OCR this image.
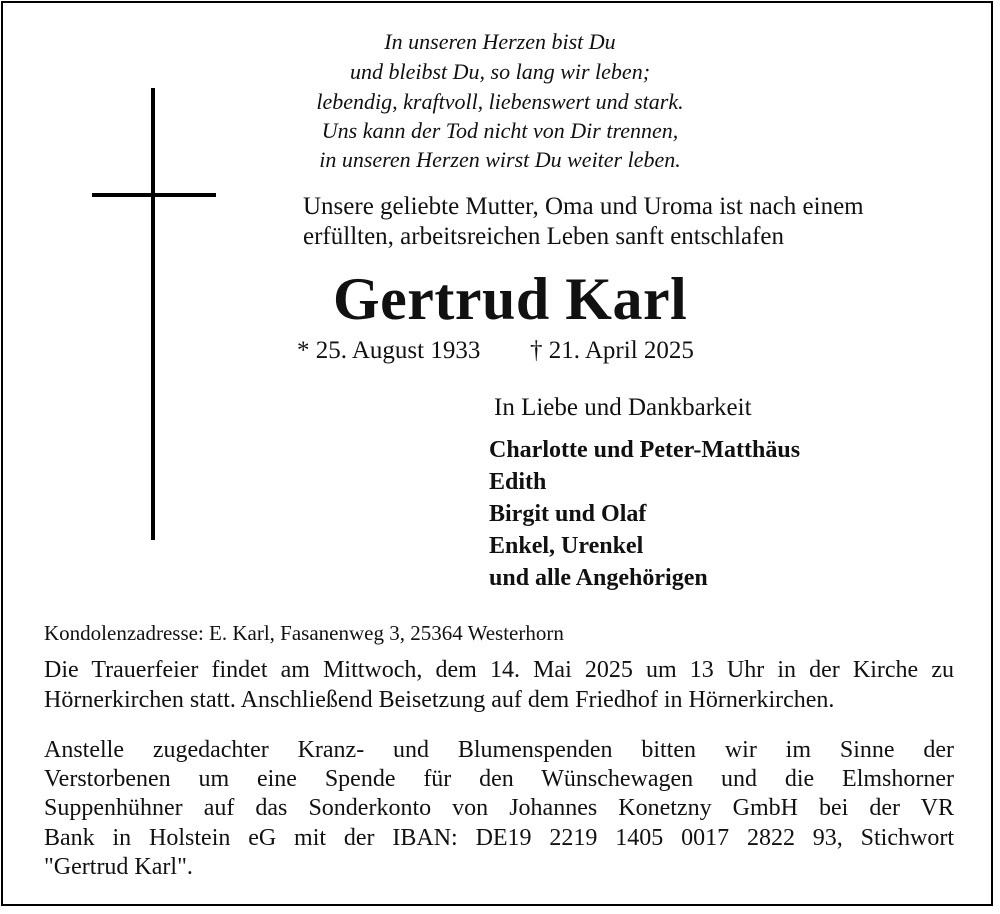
In unseren Herzen bist Du
und bleibst Du, so lang wir leben;
lebendig, kraftvoll, liebenswert und stark.
Uns kann der Tod nicht von Dir trennen,
in unseren Herzen wirst Du weiter leben.
Unsere geliebte Mutter, Oma und Uroma ist nach einem
erfüllten, arbeitsreichen Leben sanft entschlafen
Gertrud Karl
* 25. August 1933 † 21. April 2025
In Liebe und Dankbarkeit
Charlotte und Peter-Matthäus
Edith
Birgit und Olaf
Enkel, Urenkel
und alle Angehörigen
Kondolenzadresse: E. Karl, Fasanenweg 3, 25364 Westerhorn
Die Trauerfeier findet am Mittwoch, dem 14. Mai 2025 um 13 Uhr in der Kirche zu
Hörnerkirchen statt. Anschließend Beisetzung auf dem Friedhof in Hörnerkirchen.
Anstelle zugedachter Kranz- und Blumenspenden bitten wir im Sinne der
Verstorbenen um eine Spende für den Wünschewagen und die Elmshorner
Suppenhühner auf das Sonderkonto von Johannes Konetzny GmbH bei der VR
Bank in Holstein eG mit der IBAN: DE19 2219 1405 0017 2822 93, Stichwort
"Gertrud Karl".
